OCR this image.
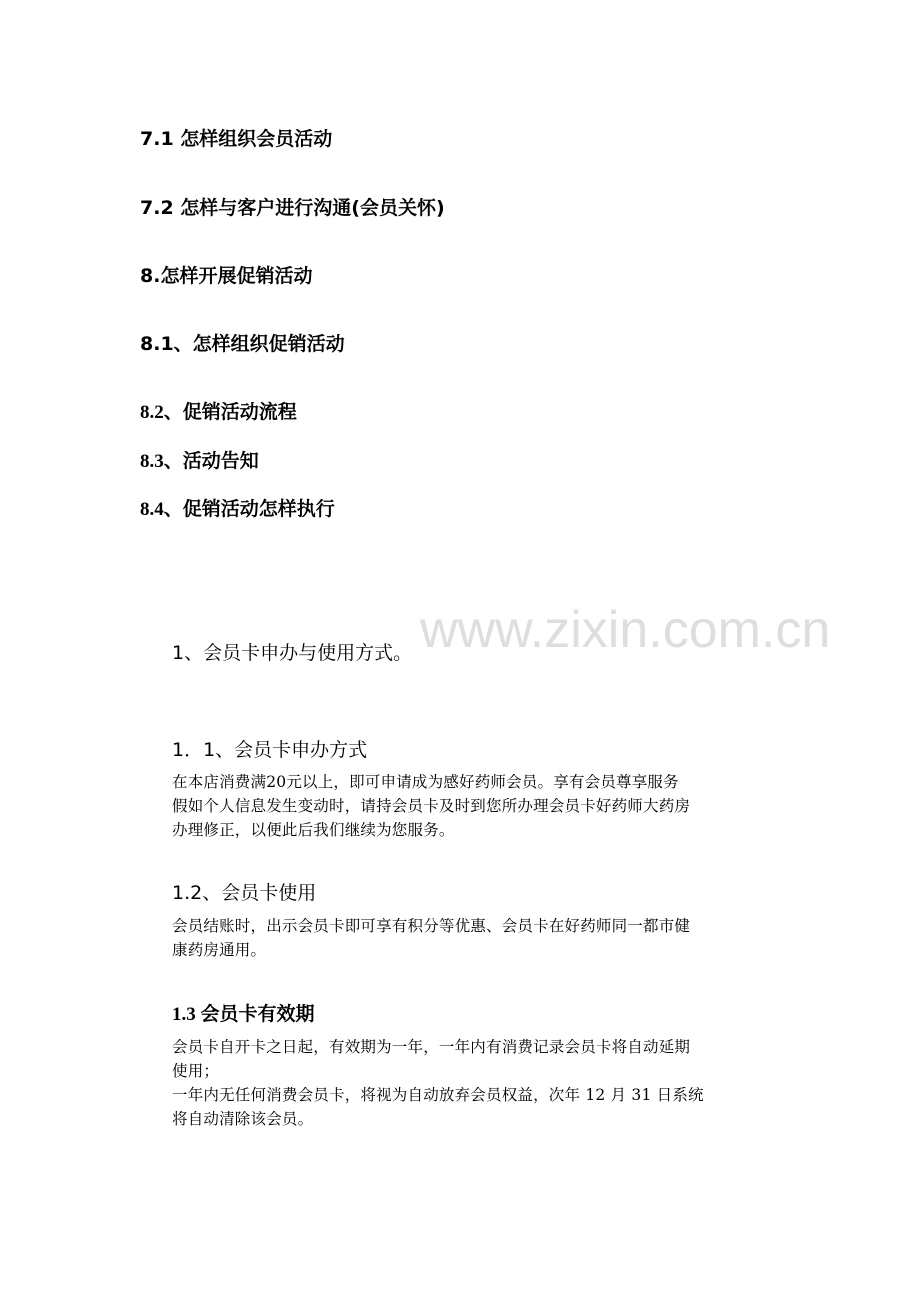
www.zixin.com.cn

7.1 怎样组织会员活动

7.2 怎样与客户进行沟通(会员关怀)

8.怎样开展促销活动

8.1、怎样组织促销活动

8.2、促销活动流程

8.3、活动告知

8.4、促销活动怎样执行

1、会员卡申办与使用方式。

1．1、会员卡申办方式

在本店消费满20元以上，即可申请成为感好药师会员。享有会员尊享服务
假如个人信息发生变动时，请持会员卡及时到您所办理会员卡好药师大药房
办理修正，以便此后我们继续为您服务。

1.2、会员卡使用

会员结账时，出示会员卡即可享有积分等优惠、会员卡在好药师同一都市健
康药房通用。

1.3 会员卡有效期

会员卡自开卡之日起，有效期为一年，一年内有消费记录会员卡将自动延期
使用；
一年内无任何消费会员卡，将视为自动放弃会员权益，次年 12 月 31 日系统
将自动清除该会员。
